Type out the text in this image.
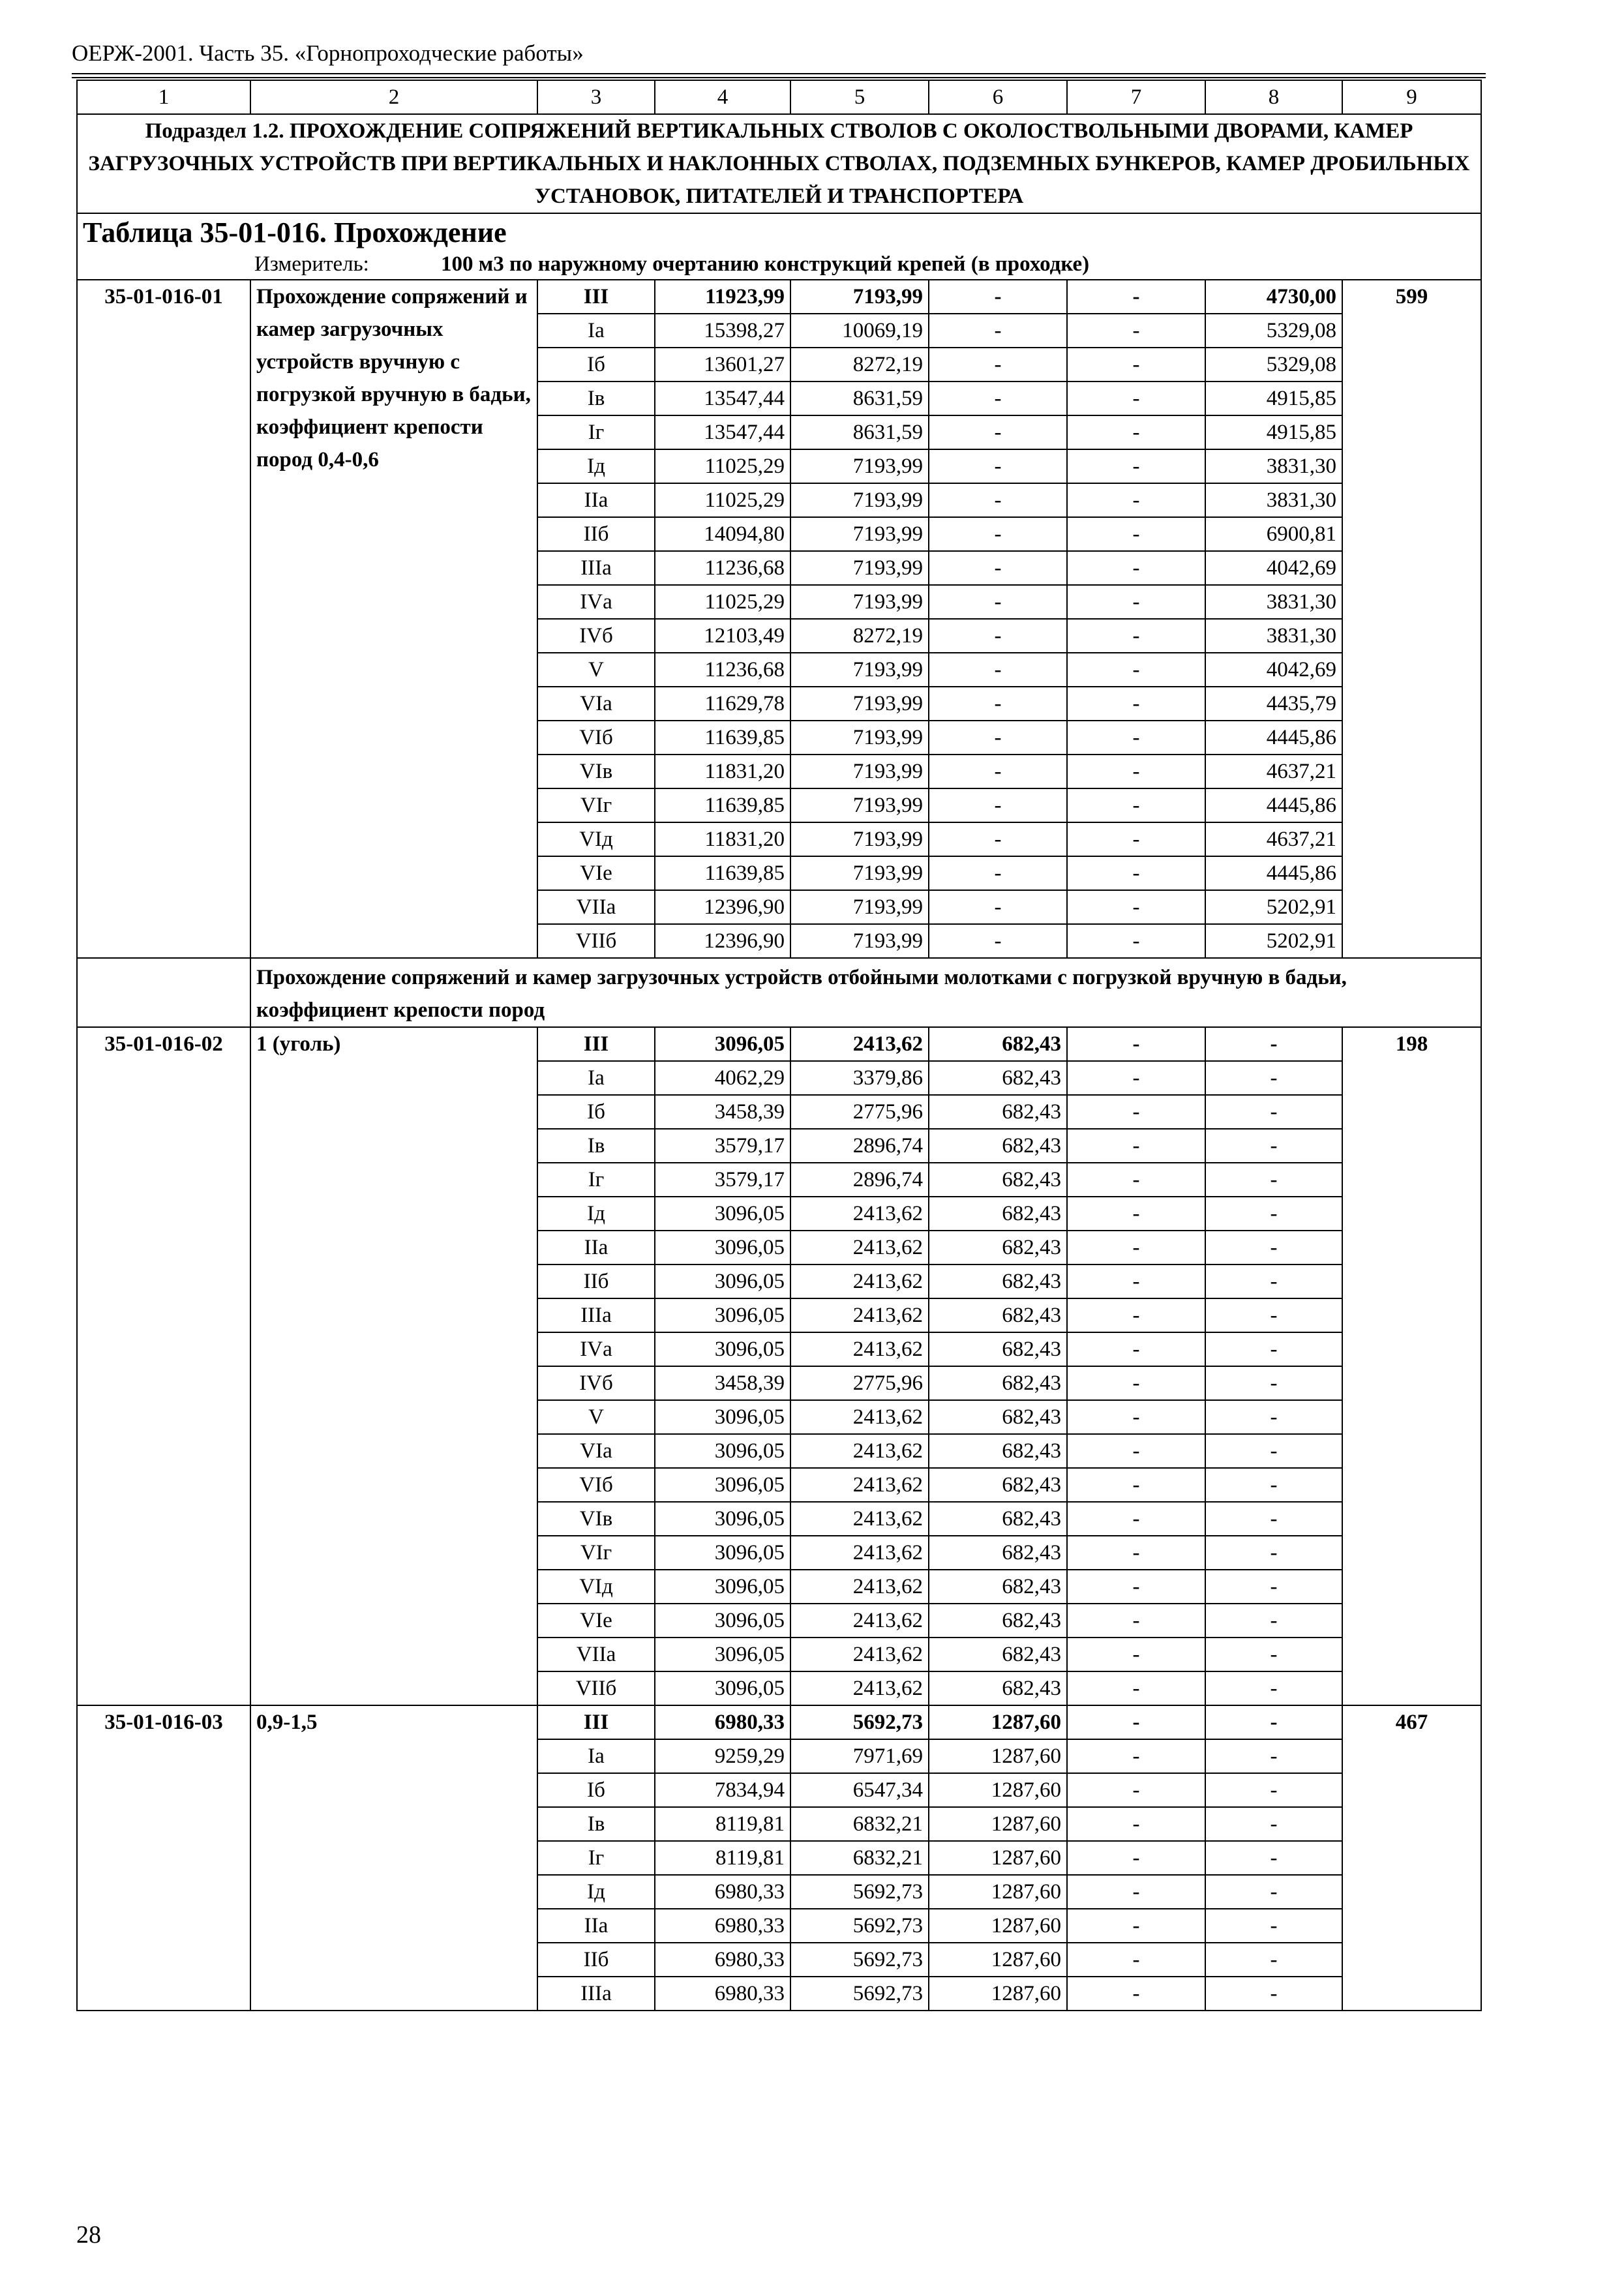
ОЕРЖ-2001. Часть 35. «Горнопроходческие работы»
1	2	3	4	5	6	7	8	9
Подраздел 1.2. ПРОХОЖДЕНИЕ СОПРЯЖЕНИЙ ВЕРТИКАЛЬНЫХ СТВОЛОВ С ОКОЛОСТВОЛЬНЫМИ ДВОРАМИ, КАМЕР ЗАГРУЗОЧНЫХ УСТРОЙСТВ ПРИ ВЕРТИКАЛЬНЫХ И НАКЛОННЫХ СТВОЛАХ, ПОДЗЕМНЫХ БУНКЕРОВ, КАМЕР ДРОБИЛЬНЫХ УСТАНОВОК, ПИТАТЕЛЕЙ И ТРАНСПОРТЕРА								

Таблица 35-01-016. Прохождение
Измеритель: 100 м3 по наружному очертанию конструкций крепей (в проходке)								

35-01-016-01	Прохождение сопряжений и камер загрузочных устройств вручную с погрузкой вручную в бадьи, коэффициент крепости пород 0,4-0,6	III	11923,99	7193,99	-	-	4730,00	599
		Iа	15398,27	10069,19	-	-	5329,08	
		Iб	13601,27	8272,19	-	-	5329,08	
		Iв	13547,44	8631,59	-	-	4915,85	
		Iг	13547,44	8631,59	-	-	4915,85	
		Iд	11025,29	7193,99	-	-	3831,30	
		IIа	11025,29	7193,99	-	-	3831,30	
		IIб	14094,80	7193,99	-	-	6900,81	
		IIIа	11236,68	7193,99	-	-	4042,69	
		IVа	11025,29	7193,99	-	-	3831,30	
		IVб	12103,49	8272,19	-	-	3831,30	
		V	11236,68	7193,99	-	-	4042,69	
		VIа	11629,78	7193,99	-	-	4435,79	
		VIб	11639,85	7193,99	-	-	4445,86	
		VIв	11831,20	7193,99	-	-	4637,21	
		VIг	11639,85	7193,99	-	-	4445,86	
		VIд	11831,20	7193,99	-	-	4637,21	
		VIе	11639,85	7193,99	-	-	4445,86	
		VIIа	12396,90	7193,99	-	-	5202,91	
		VIIб	12396,90	7193,99	-	-	5202,91	
	Прохождение сопряжений и камер загрузочных устройств отбойными молотками с погрузкой вручную в бадьи, коэффициент крепости пород							
35-01-016-02	1 (уголь)	III	3096,05	2413,62	682,43	-	-	198
		Iа	4062,29	3379,86	682,43	-	-	
		Iб	3458,39	2775,96	682,43	-	-	
		Iв	3579,17	2896,74	682,43	-	-	
		Iг	3579,17	2896,74	682,43	-	-	
		Iд	3096,05	2413,62	682,43	-	-	
		IIа	3096,05	2413,62	682,43	-	-	
		IIб	3096,05	2413,62	682,43	-	-	
		IIIа	3096,05	2413,62	682,43	-	-	
		IVа	3096,05	2413,62	682,43	-	-	
		IVб	3458,39	2775,96	682,43	-	-	
		V	3096,05	2413,62	682,43	-	-	
		VIа	3096,05	2413,62	682,43	-	-	
		VIб	3096,05	2413,62	682,43	-	-	
		VIв	3096,05	2413,62	682,43	-	-	
		VIг	3096,05	2413,62	682,43	-	-	
		VIд	3096,05	2413,62	682,43	-	-	
		VIе	3096,05	2413,62	682,43	-	-	
		VIIа	3096,05	2413,62	682,43	-	-	
		VIIб	3096,05	2413,62	682,43	-	-	
35-01-016-03	0,9-1,5	III	6980,33	5692,73	1287,60	-	-	467
		Iа	9259,29	7971,69	1287,60	-	-	
		Iб	7834,94	6547,34	1287,60	-	-	
		Iв	8119,81	6832,21	1287,60	-	-	
		Iг	8119,81	6832,21	1287,60	-	-	
		Iд	6980,33	5692,73	1287,60	-	-	
		IIа	6980,33	5692,73	1287,60	-	-	
		IIб	6980,33	5692,73	1287,60	-	-	
		IIIа	6980,33	5692,73	1287,60	-	-	
28
